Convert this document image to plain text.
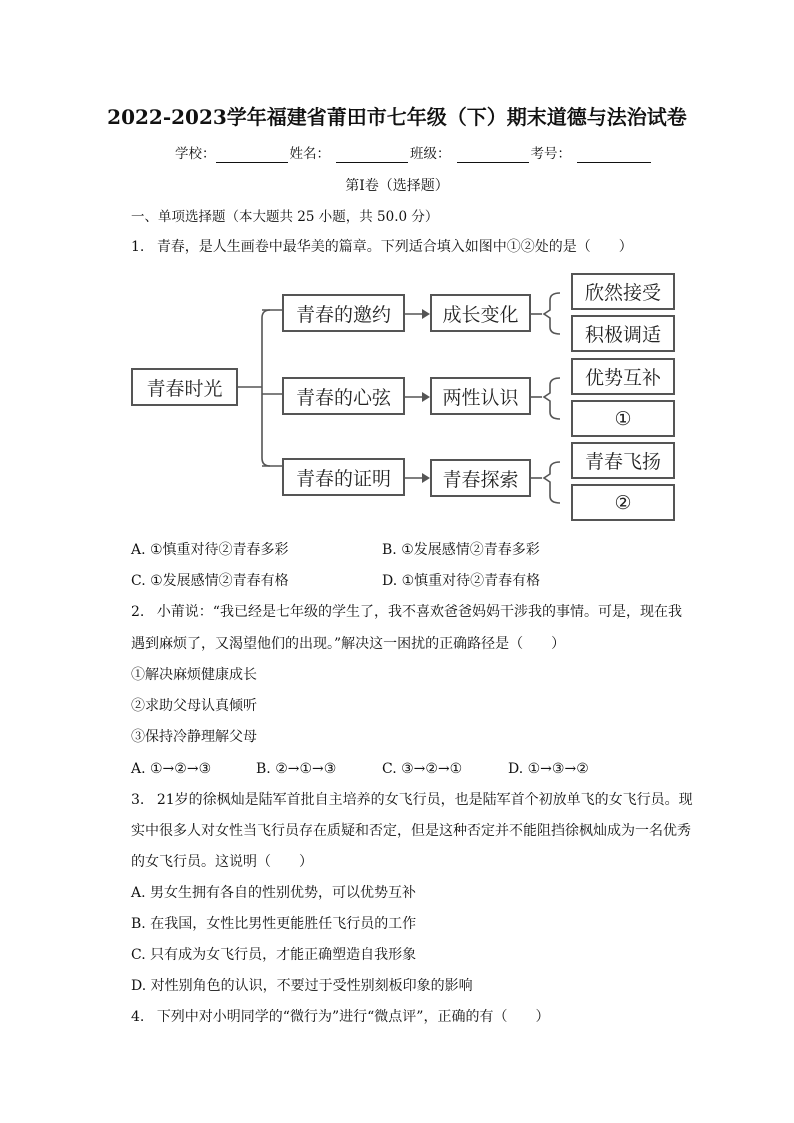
2022-2023学年福建省莆田市七年级（下）期末道德与法治试卷
学校：	姓名：	班级：	考号：
第Ⅰ卷（选择题）
一、单项选择题（本大题共 25 小题，共 50.0 分）
1. 青春，是人生画卷中最华美的篇章。下列适合填入如图中①②处的是（　　）
青春时光
青春的邀约	成长变化
欣然接受
积极调适
青春的心弦	两性认识
优势互补
①
青春的证明	青春探索
青春飞扬
②
A. ①慎重对待②青春多彩	B. ①发展感情②青春多彩
C. ①发展感情②青春有格	D. ①慎重对待②青春有格
2. 小莆说：“我已经是七年级的学生了，我不喜欢爸爸妈妈干涉我的事情。可是，现在我
遇到麻烦了，又渴望他们的出现。”解决这一困扰的正确路径是（　　）
①解决麻烦健康成长
②求助父母认真倾听
③保持冷静理解父母
A. ①→②→③	B. ②→①→③	C. ③→②→①	D. ①→③→②
3. 21岁的徐枫灿是陆军首批自主培养的女飞行员，也是陆军首个初放单飞的女飞行员。现
实中很多人对女性当飞行员存在质疑和否定，但是这种否定并不能阻挡徐枫灿成为一名优秀
的女飞行员。这说明（　　）
A. 男女生拥有各自的性别优势，可以优势互补
B. 在我国，女性比男性更能胜任飞行员的工作
C. 只有成为女飞行员，才能正确塑造自我形象
D. 对性别角色的认识，不要过于受性别刻板印象的影响
4. 下列中对小明同学的“微行为”进行“微点评”，正确的有（　　）
